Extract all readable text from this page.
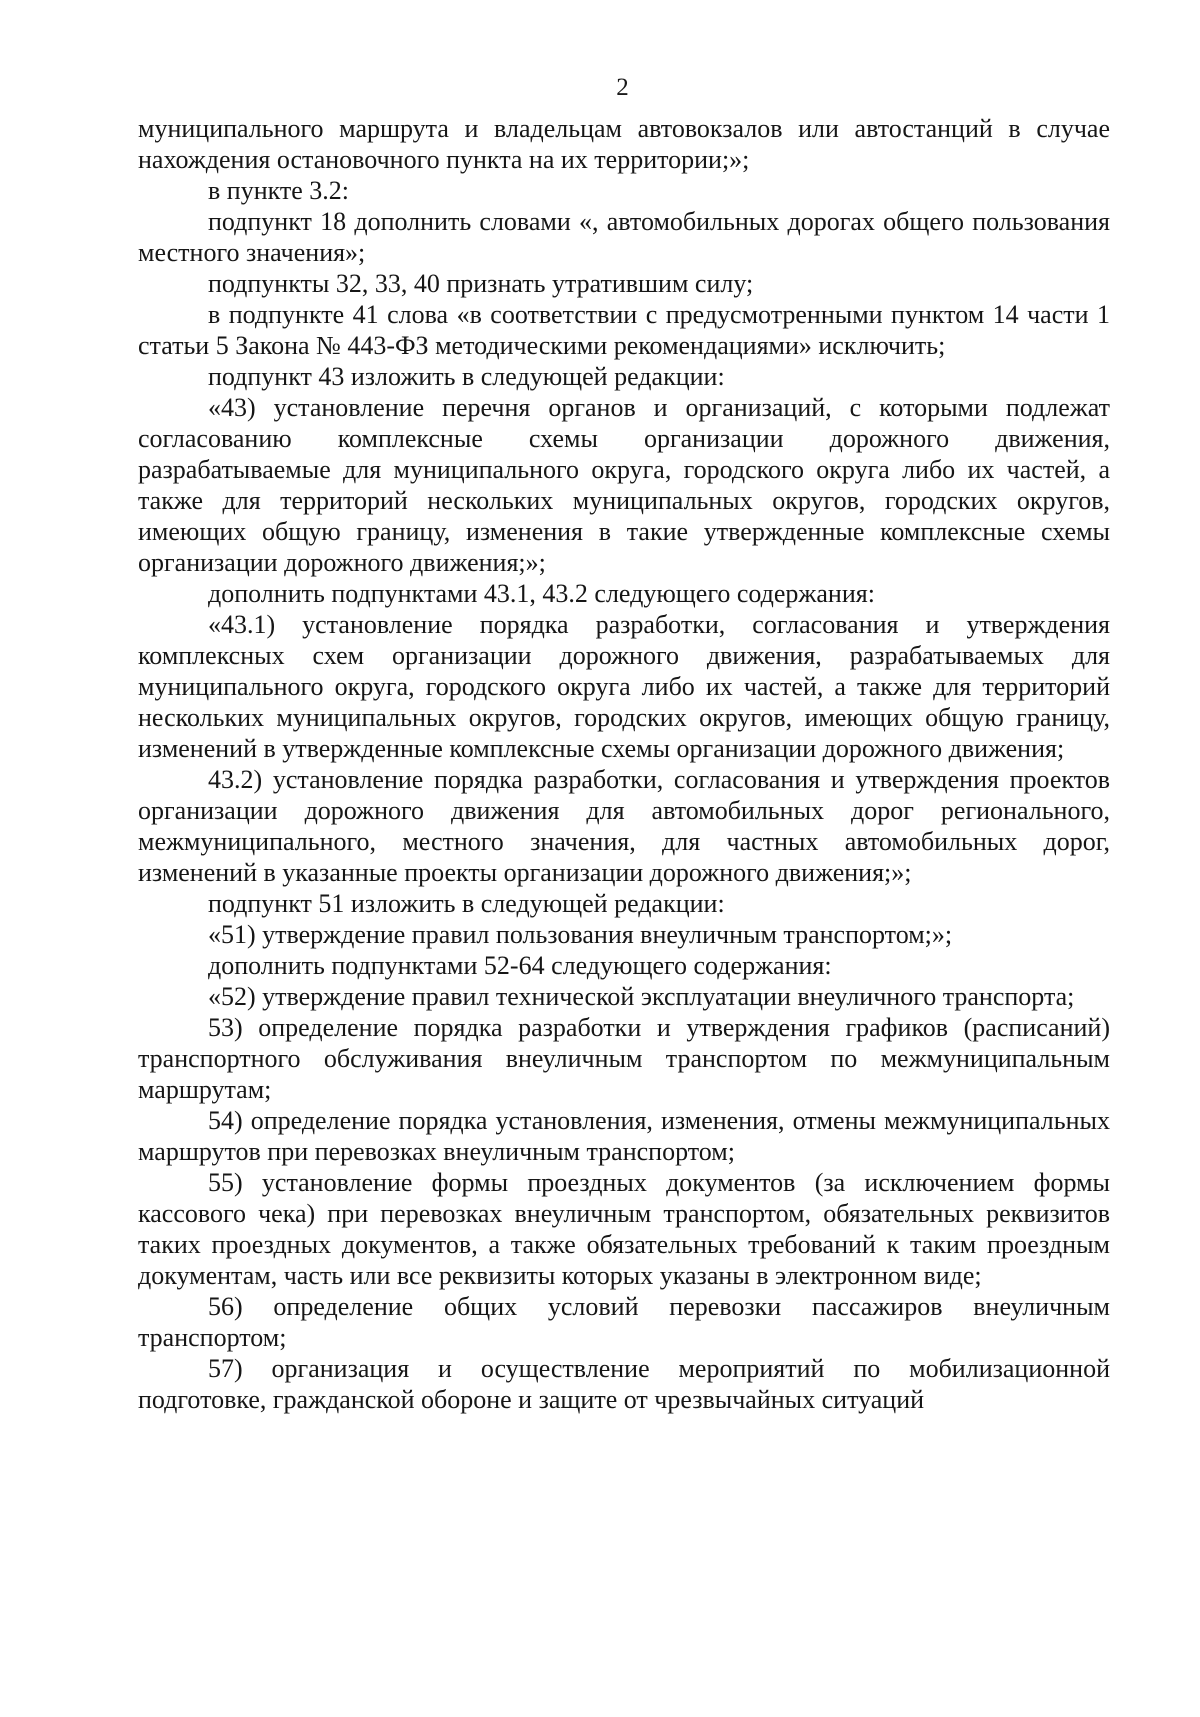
2

муниципального маршрута и владельцам автовокзалов или автостанций в случае нахождения остановочного пункта на их территории;»;

в пункте 3.2:

подпункт 18 дополнить словами «, автомобильных дорогах общего пользования местного значения»;

подпункты 32, 33, 40 признать утратившим силу;

в подпункте 41 слова «в соответствии с предусмотренными пунктом 14 части 1 статьи 5 Закона № 443-ФЗ методическими рекомендациями» исключить;

подпункт 43 изложить в следующей редакции:

«43) установление перечня органов и организаций, с которыми подлежат согласованию комплексные схемы организации дорожного движения, разрабатываемые для муниципального округа, городского округа либо их частей, а также для территорий нескольких муниципальных округов, городских округов, имеющих общую границу, изменения в такие утвержденные комплексные схемы организации дорожного движения;»;

дополнить подпунктами 43.1, 43.2 следующего содержания:

«43.1) установление порядка разработки, согласования и утверждения комплексных схем организации дорожного движения, разрабатываемых для муниципального округа, городского округа либо их частей, а также для территорий нескольких муниципальных округов, городских округов, имеющих общую границу, изменений в утвержденные комплексные схемы организации дорожного движения;

43.2) установление порядка разработки, согласования и утверждения проектов организации дорожного движения для автомобильных дорог регионального, межмуниципального, местного значения, для частных автомобильных дорог, изменений в указанные проекты организации дорожного движения;»;

подпункт 51 изложить в следующей редакции:

«51) утверждение правил пользования внеуличным транспортом;»;

дополнить подпунктами 52-64 следующего содержания:

«52) утверждение правил технической эксплуатации внеуличного транспорта;

53) определение порядка разработки и утверждения графиков (расписаний) транспортного обслуживания внеуличным транспортом по межмуниципальным маршрутам;

54) определение порядка установления, изменения, отмены межмуниципальных маршрутов при перевозках внеуличным транспортом;

55) установление формы проездных документов (за исключением формы кассового чека) при перевозках внеуличным транспортом, обязательных реквизитов таких проездных документов, а также обязательных требований к таким проездным документам, часть или все реквизиты которых указаны в электронном виде;

56) определение общих условий перевозки пассажиров внеуличным транспортом;

57) организация и осуществление мероприятий по мобилизационной подготовке, гражданской обороне и защите от чрезвычайных ситуаций
